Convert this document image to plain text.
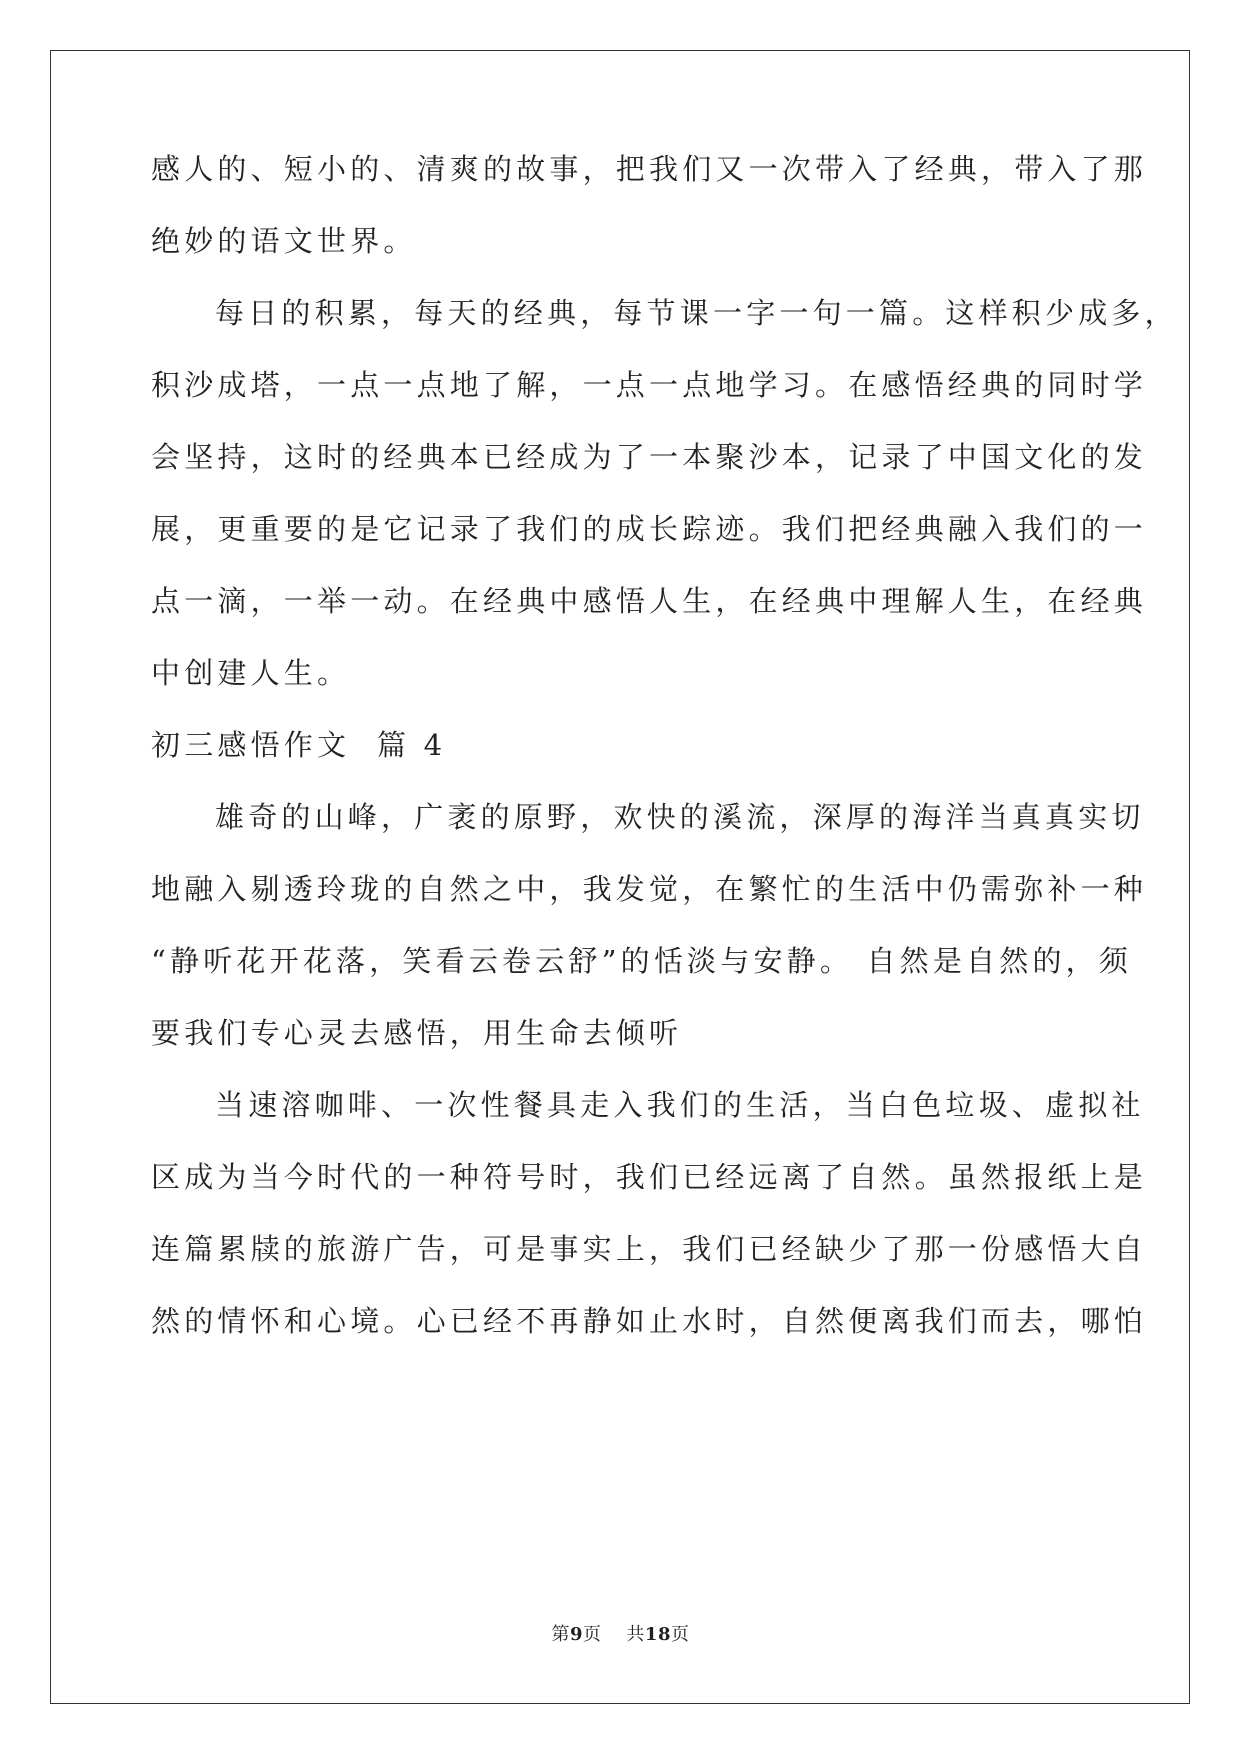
感人的、短小的、清爽的故事，把我们又一次带入了经典，带入了那
绝妙的语文世界。
每日的积累，每天的经典，每节课一字一句一篇。这样积少成多，
积沙成塔，一点一点地了解，一点一点地学习。在感悟经典的同时学
会坚持，这时的经典本已经成为了一本聚沙本，记录了中国文化的发
展，更重要的是它记录了我们的成长踪迹。我们把经典融入我们的一
点一滴，一举一动。在经典中感悟人生，在经典中理解人生，在经典
中创建人生。
初三感悟作文  篇 4
雄奇的山峰，广袤的原野，欢快的溪流，深厚的海洋当真真实切
地融入剔透玲珑的自然之中，我发觉，在繁忙的生活中仍需弥补一种
“静听花开花落，笑看云卷云舒”的恬淡与安静。 自然是自然的，须
要我们专心灵去感悟，用生命去倾听
当速溶咖啡、一次性餐具走入我们的生活，当白色垃圾、虚拟社
区成为当今时代的一种符号时，我们已经远离了自然。虽然报纸上是
连篇累牍的旅游广告，可是事实上，我们已经缺少了那一份感悟大自
然的情怀和心境。心已经不再静如止水时，自然便离我们而去，哪怕
第9页    共18页
